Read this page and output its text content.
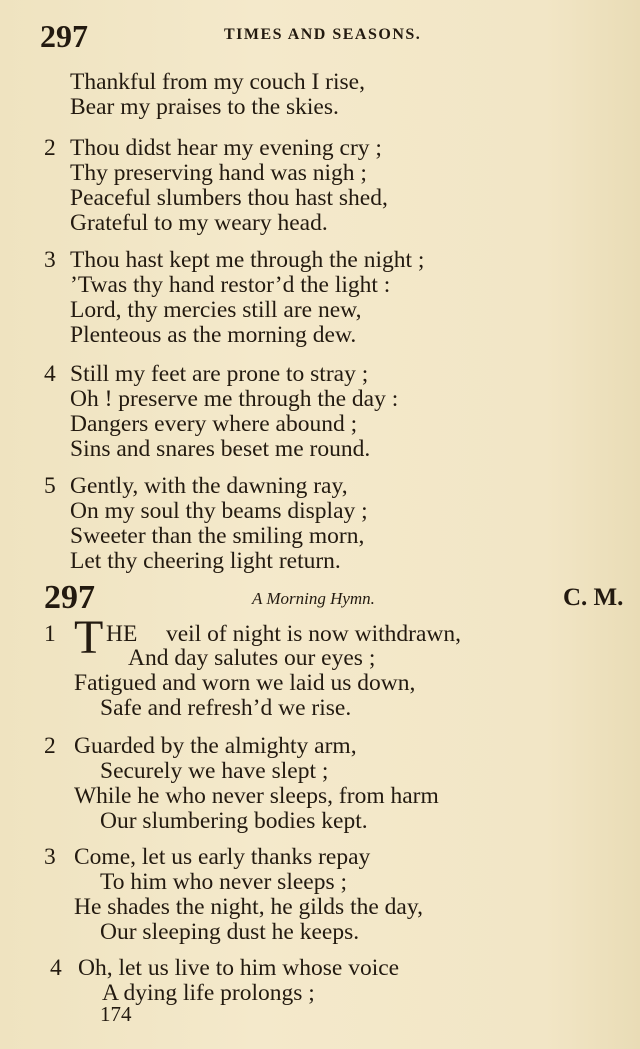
297	TIMES AND SEASONS.
Thankful from my couch I rise,
Bear my praises to the skies.
2 Thou didst hear my evening cry ;
Thy preserving hand was nigh ;
Peaceful slumbers thou hast shed,
Grateful to my weary head.
3 Thou hast kept me through the night ;
’Twas thy hand restor’d the light :
Lord, thy mercies still are new,
Plenteous as the morning dew.
4 Still my feet are prone to stray ;
Oh ! preserve me through the day :
Dangers every where abound ;
Sins and snares beset me round.
5 Gently, with the dawning ray,
On my soul thy beams display ;
Sweeter than the smiling morn,
Let thy cheering light return.
297	A Morning Hymn.	C. M.
1 T HE veil of night is now withdrawn,
And day salutes our eyes ;
Fatigued and worn we laid us down,
Safe and refresh’d we rise.
2 Guarded by the almighty arm,
Securely we have slept ;
While he who never sleeps, from harm
Our slumbering bodies kept.
3 Come, let us early thanks repay
To him who never sleeps ;
He shades the night, he gilds the day,
Our sleeping dust he keeps.
4 Oh, let us live to him whose voice
A dying life prolongs ;
174
